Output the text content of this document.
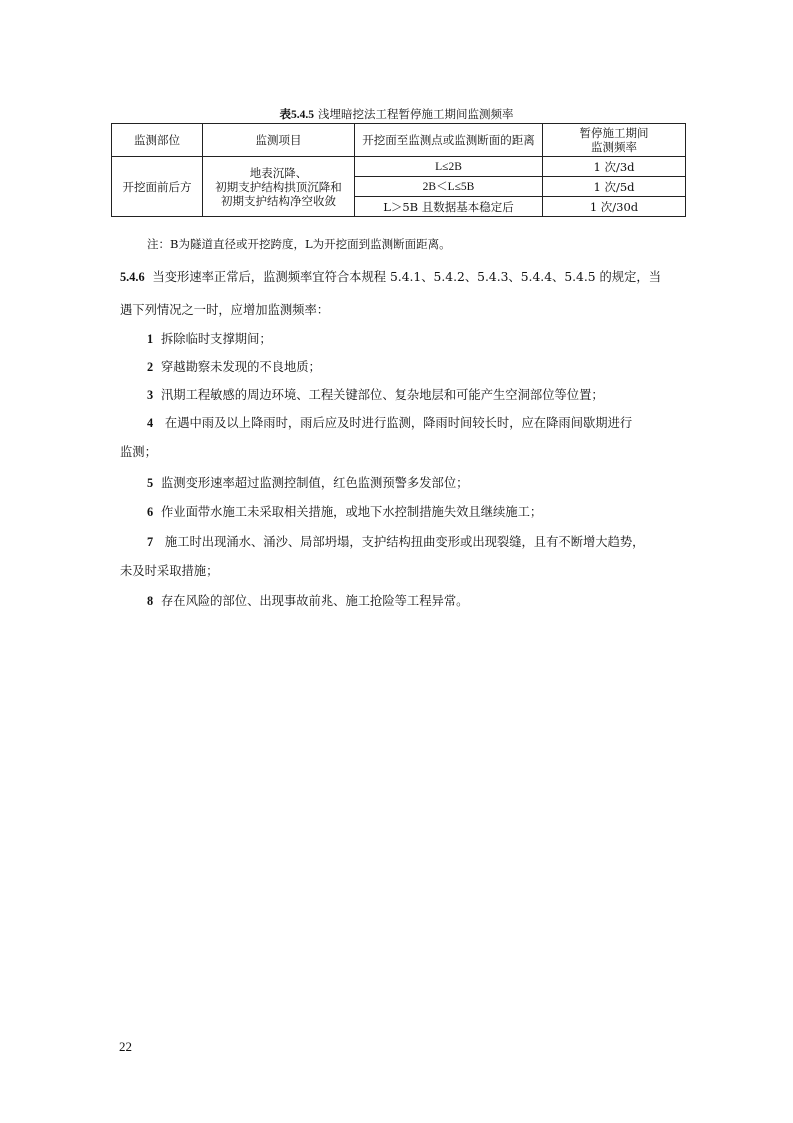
表5.4.5 浅埋暗挖法工程暂停施工期间监测频率
监测部位	监测项目	开挖面至监测点或监测断面的距离	暂停施工期间
监测频率

开挖面前后方	地表沉降、
初期支护结构拱顶沉降和
初期支护结构净空收敛	L≤2B	1 次/3d
		2B＜L≤5B	1 次/5d
		L＞5B 且数据基本稳定后	1 次/30d
注：B为隧道直径或开挖跨度，L为开挖面到监测断面距离。
5.4.6 当变形速率正常后，监测频率宜符合本规程 5.4.1、5.4.2、5.4.3、5.4.4、5.4.5 的规定，当
遇下列情况之一时，应增加监测频率：
1 拆除临时支撑期间；
2 穿越勘察未发现的不良地质；
3 汛期工程敏感的周边环境、工程关键部位、复杂地层和可能产生空洞部位等位置；
4 在遇中雨及以上降雨时，雨后应及时进行监测，降雨时间较长时，应在降雨间歇期进行
监测；
5 监测变形速率超过监测控制值，红色监测预警多发部位；
6 作业面带水施工未采取相关措施，或地下水控制措施失效且继续施工；
7 施工时出现涌水、涌沙、局部坍塌，支护结构扭曲变形或出现裂缝，且有不断增大趋势，
未及时采取措施；
8 存在风险的部位、出现事故前兆、施工抢险等工程异常。
22
